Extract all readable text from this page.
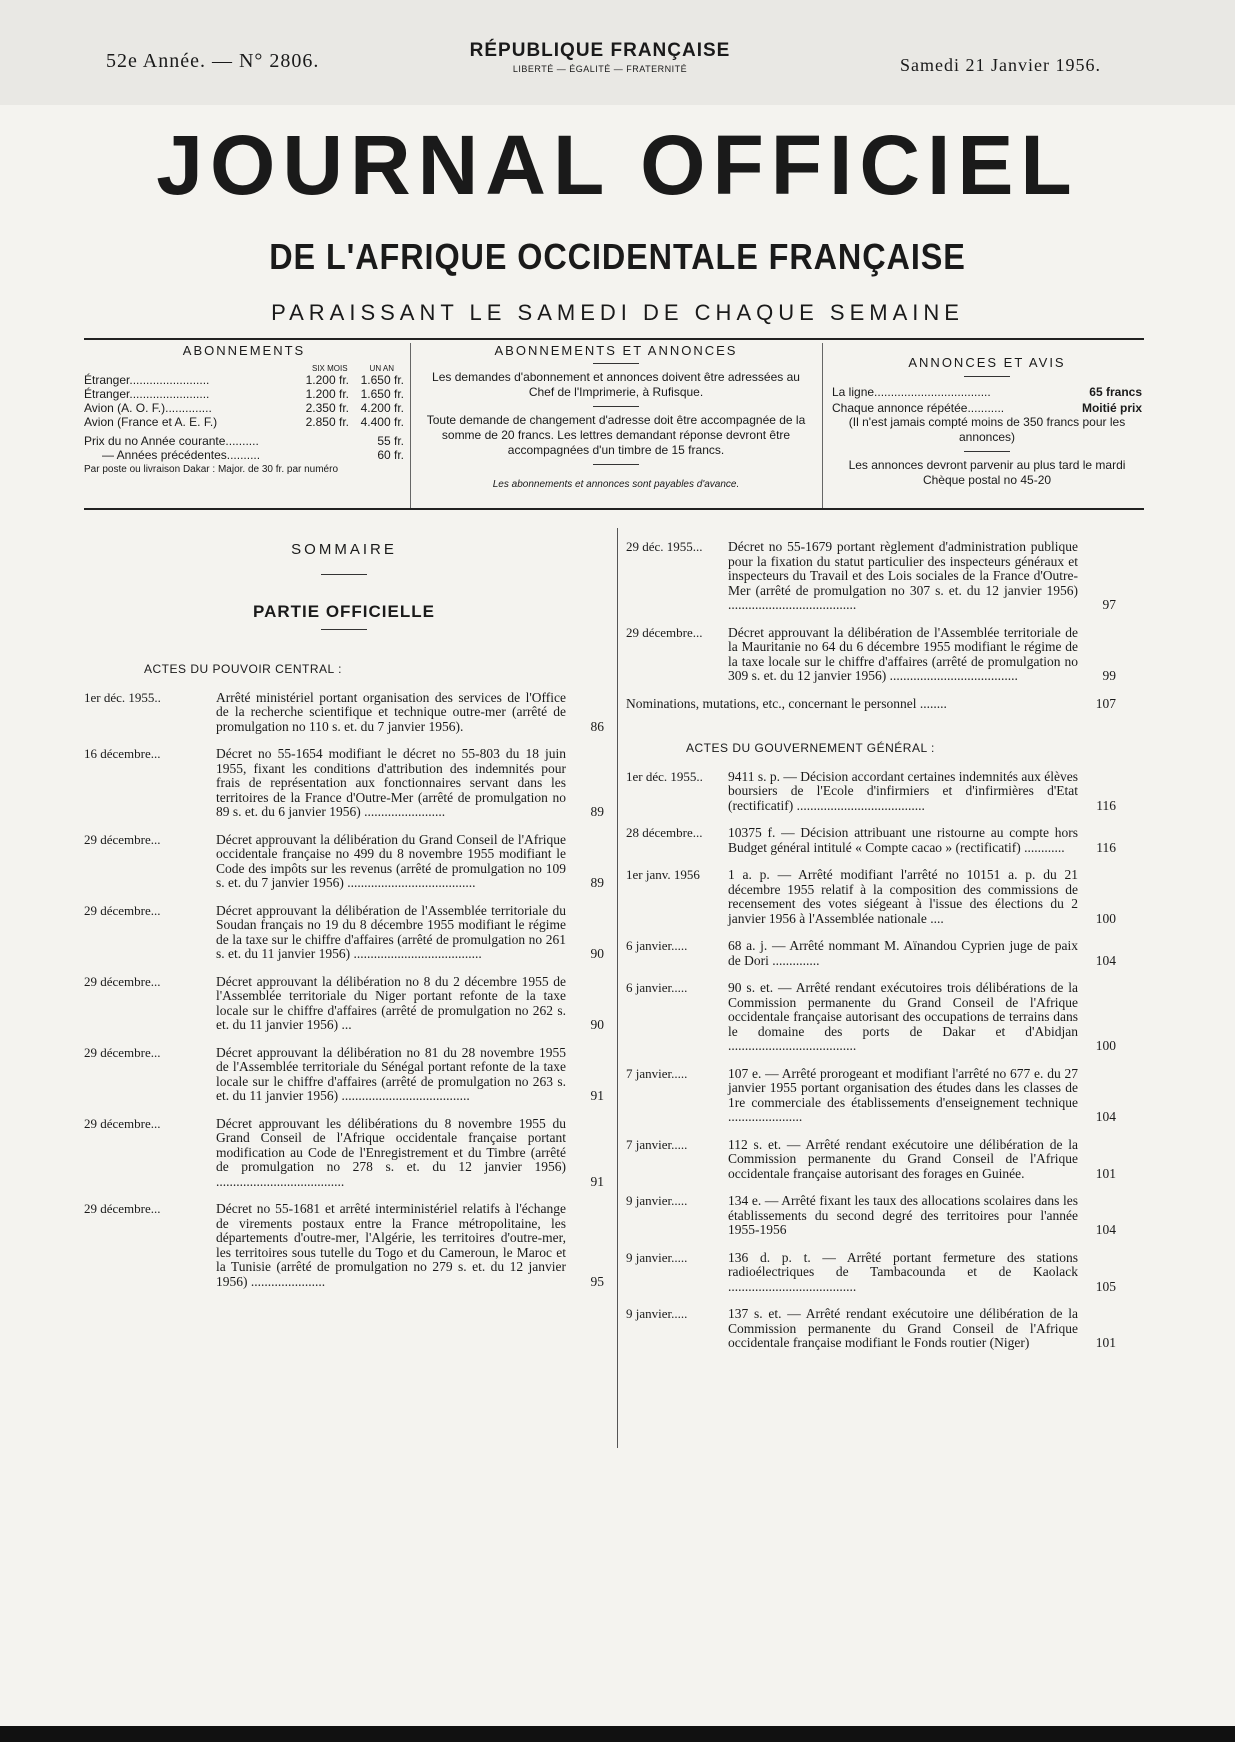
52e Année. — N° 2806.	RÉPUBLIQUE FRANÇAISE
LIBERTÉ — ÉGALITÉ — FRATERNITÉ	Samedi 21 Janvier 1956.
JOURNAL OFFICIEL
DE L'AFRIQUE OCCIDENTALE FRANÇAISE
PARAISSANT LE SAMEDI DE CHAQUE SEMAINE
ABONNEMENTS
SIX MOIS	UN AN
Étranger........................	1.200 fr. 1.650 fr.
Étranger........................	1.200 fr. 1.650 fr.
Avion (A. O. F.)..............	2.350 fr. 4.200 fr.
Avion (France et A. E. F.)	2.850 fr. 4.400 fr.
Prix du no Année courante..........	55 fr.
— Années précédentes..........	60 fr.
Par poste ou livraison Dakar : Major. de 30 fr. par numéro
ABONNEMENTS ET ANNONCES

Les demandes d'abonnement et annonces doivent être adressées au Chef de l'Imprimerie, à Rufisque.

Toute demande de changement d'adresse doit être accompagnée de la somme de 20 francs. Les lettres demandant réponse devront être accompagnées d'un timbre de 15 francs.

Les abonnements et annonces sont payables d'avance.

ANNONCES ET AVIS
La ligne...................................	65 francs
Chaque annonce répétée...........	Moitié prix
(Il n'est jamais compté moins de 350 francs pour les annonces)
Les annonces devront parvenir au plus tard le mardi
Chèque postal no 45-20
SOMMAIRE
PARTIE OFFICIELLE
ACTES DU POUVOIR CENTRAL :
1er déc. 1955..	Arrêté ministériel portant organisation des services de l'Office de la recherche scientifique et technique outre-mer (arrêté de promulgation no 110 s. et. du 7 janvier 1956).	86
16 décembre...	Décret no 55-1654 modifiant le décret no 55-803 du 18 juin 1955, fixant les conditions d'attribution des indemnités pour frais de représentation aux fonctionnaires servant dans les territoires de la France d'Outre-Mer (arrêté de promulgation no 89 s. et. du 6 janvier 1956) ........................	89
29 décembre...	Décret approuvant la délibération du Grand Conseil de l'Afrique occidentale française no 499 du 8 novembre 1955 modifiant le Code des impôts sur les revenus (arrêté de promulgation no 109 s. et. du 7 janvier 1956) ......................................	89
29 décembre...	Décret approuvant la délibération de l'Assemblée territoriale du Soudan français no 19 du 8 décembre 1955 modifiant le régime de la taxe sur le chiffre d'affaires (arrêté de promulgation no 261 s. et. du 11 janvier 1956) ......................................	90
29 décembre...	Décret approuvant la délibération no 8 du 2 décembre 1955 de l'Assemblée territoriale du Niger portant refonte de la taxe locale sur le chiffre d'affaires (arrêté de promulgation no 262 s. et. du 11 janvier 1956) ...	90
29 décembre...	Décret approuvant la délibération no 81 du 28 novembre 1955 de l'Assemblée territoriale du Sénégal portant refonte de la taxe locale sur le chiffre d'affaires (arrêté de promulgation no 263 s. et. du 11 janvier 1956) ......................................	91
29 décembre...	Décret approuvant les délibérations du 8 novembre 1955 du Grand Conseil de l'Afrique occidentale française portant modification au Code de l'Enregistrement et du Timbre (arrêté de promulgation no 278 s. et. du 12 janvier 1956) ......................................	91
29 décembre...	Décret no 55-1681 et arrêté interministériel relatifs à l'échange de virements postaux entre la France métropolitaine, les départements d'outre-mer, l'Algérie, les territoires d'outre-mer, les territoires sous tutelle du Togo et du Cameroun, le Maroc et la Tunisie (arrêté de promulgation no 279 s. et. du 12 janvier 1956) ......................	95
29 déc. 1955...	Décret no 55-1679 portant règlement d'administration publique pour la fixation du statut particulier des inspecteurs généraux et inspecteurs du Travail et des Lois sociales de la France d'Outre-Mer (arrêté de promulgation no 307 s. et. du 12 janvier 1956) ......................................	97
29 décembre...	Décret approuvant la délibération de l'Assemblée territoriale de la Mauritanie no 64 du 6 décembre 1955 modifiant le régime de la taxe locale sur le chiffre d'affaires (arrêté de promulgation no 309 s. et. du 12 janvier 1956) ......................................	99
Nominations, mutations, etc., concernant le personnel ........	107
ACTES DU GOUVERNEMENT GÉNÉRAL :
1er déc. 1955..	9411 s. p. — Décision accordant certaines indemnités aux élèves boursiers de l'Ecole d'infirmiers et d'infirmières d'Etat (rectificatif) ......................................	116
28 décembre...	10375 f. — Décision attribuant une ristourne au compte hors Budget général intitulé « Compte cacao » (rectificatif) ............	116
1er janv. 1956	1 a. p. — Arrêté modifiant l'arrêté no 10151 a. p. du 21 décembre 1955 relatif à la composition des commissions de recensement des votes siégeant à l'issue des élections du 2 janvier 1956 à l'Assemblée nationale ....	100
6 janvier.....	68 a. j. — Arrêté nommant M. Aïnandou Cyprien juge de paix de Dori ..............	104
6 janvier.....	90 s. et. — Arrêté rendant exécutoires trois délibérations de la Commission permanente du Grand Conseil de l'Afrique occidentale française autorisant des occupations de terrains dans le domaine des ports de Dakar et d'Abidjan ......................................	100
7 janvier.....	107 e. — Arrêté prorogeant et modifiant l'arrêté no 677 e. du 27 janvier 1955 portant organisation des études dans les classes de 1re commerciale des établissements d'enseignement technique ......................	104
7 janvier.....	112 s. et. — Arrêté rendant exécutoire une délibération de la Commission permanente du Grand Conseil de l'Afrique occidentale française autorisant des forages en Guinée.	101
9 janvier.....	134 e. — Arrêté fixant les taux des allocations scolaires dans les établissements du second degré des territoires pour l'année 1955-1956	104
9 janvier.....	136 d. p. t. — Arrêté portant fermeture des stations radioélectriques de Tambacounda et de Kaolack ......................................	105
9 janvier.....	137 s. et. — Arrêté rendant exécutoire une délibération de la Commission permanente du Grand Conseil de l'Afrique occidentale française modifiant le Fonds routier (Niger)	101
